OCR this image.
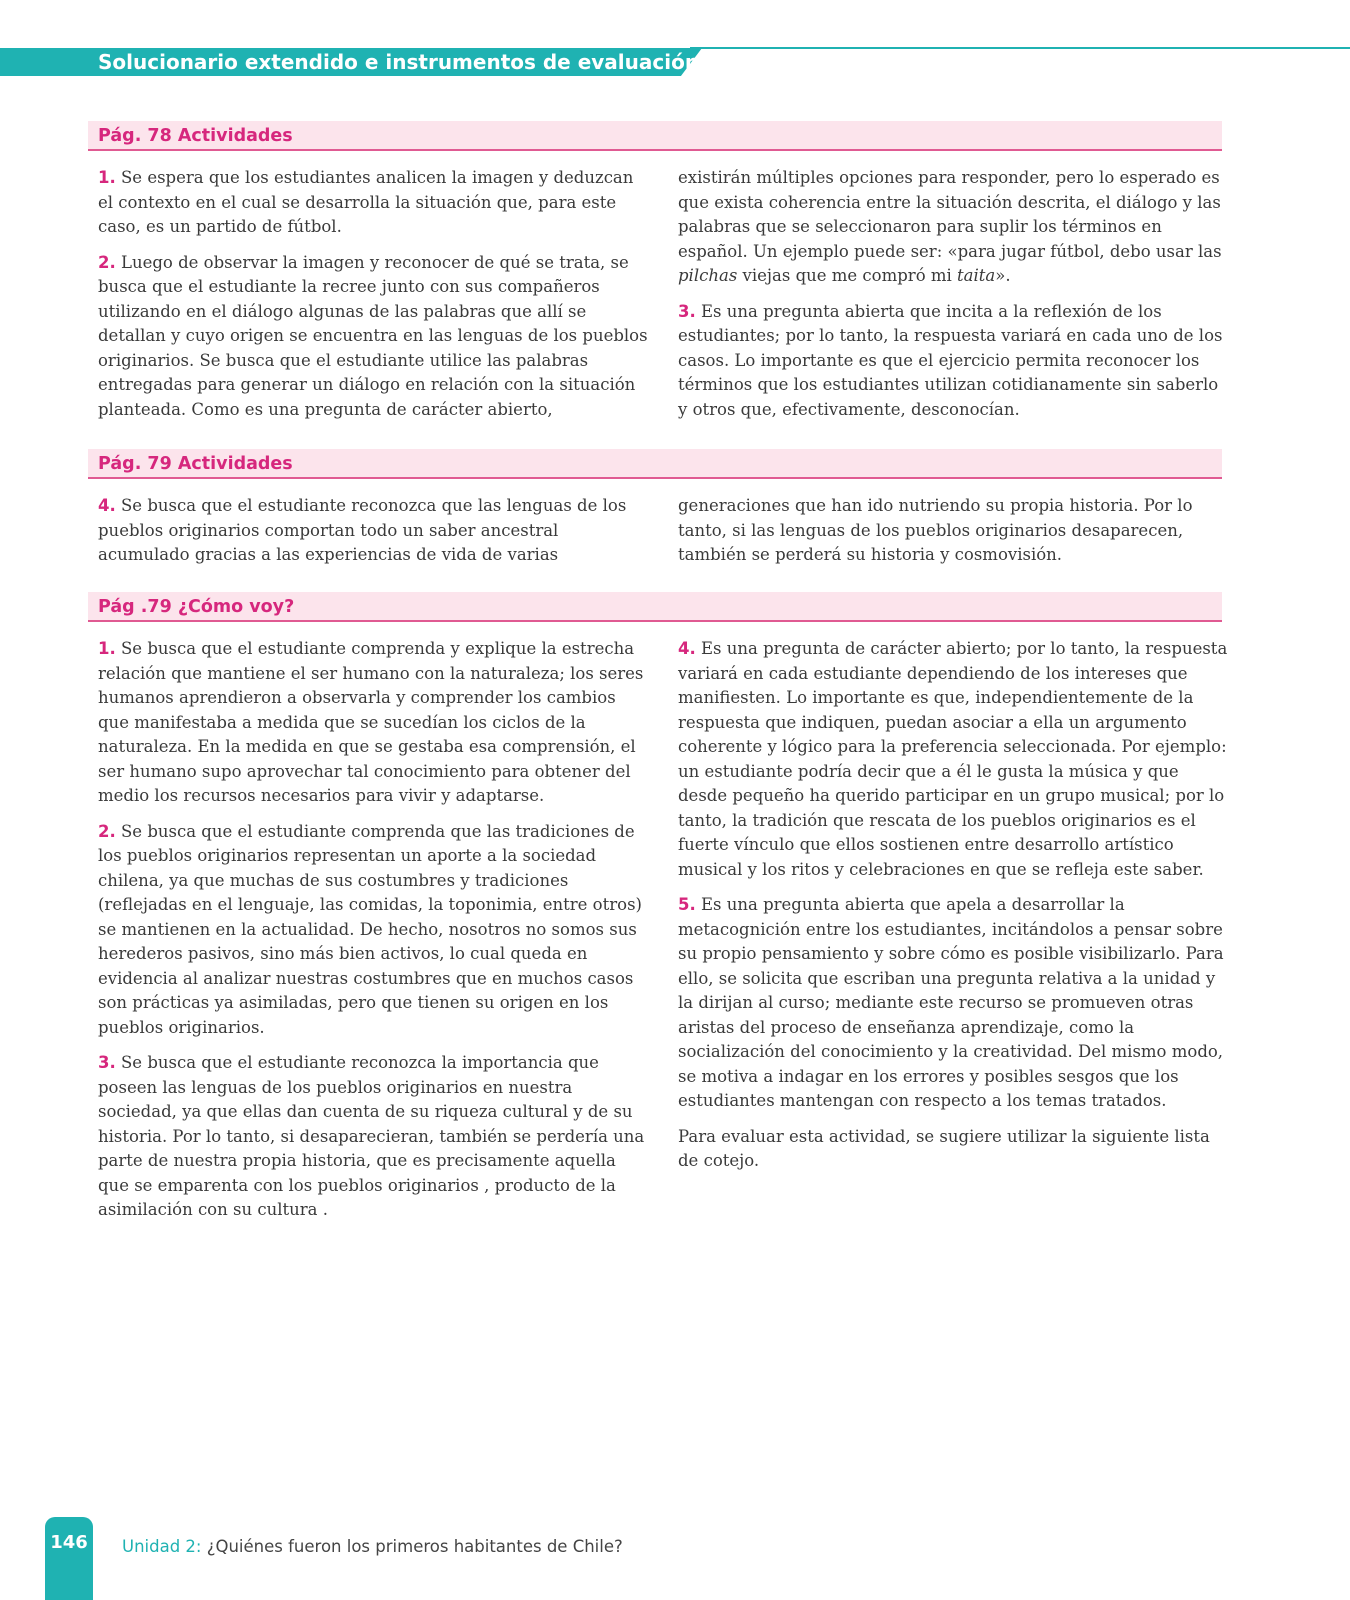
Solucionario extendido e instrumentos de evaluación
Pág. 78 Actividades

1. Se espera que los estudiantes analicen la imagen y deduzcan el contexto en el cual se desarrolla la situación que, para este caso, es un partido de fútbol.

2. Luego de observar la imagen y reconocer de qué se trata, se busca que el estudiante la recree junto con sus compañeros utilizando en el diálogo algunas de las palabras que allí se detallan y cuyo origen se encuentra en las lenguas de los pueblos originarios. Se busca que el estudiante utilice las palabras entregadas para generar un diálogo en relación con la situación planteada. Como es una pregunta de carácter abierto,

existirán múltiples opciones para responder, pero lo esperado es que exista coherencia entre la situación descrita, el diálogo y las palabras que se seleccionaron para suplir los términos en español. Un ejemplo puede ser: «para jugar fútbol, debo usar las pilchas viejas que me compró mi taita».

3. Es una pregunta abierta que incita a la reflexión de los estudiantes; por lo tanto, la respuesta variará en cada uno de los casos. Lo importante es que el ejercicio permita reconocer los términos que los estudiantes utilizan cotidianamente sin saberlo y otros que, efectivamente, desconocían.

Pág. 79 Actividades

4. Se busca que el estudiante reconozca que las lenguas de los pueblos originarios comportan todo un saber ancestral acumulado gracias a las experiencias de vida de varias

generaciones que han ido nutriendo su propia historia. Por lo tanto, si las lenguas de los pueblos originarios desaparecen, también se perderá su historia y cosmovisión.

Pág .79 ¿Cómo voy?

1. Se busca que el estudiante comprenda y explique la estrecha relación que mantiene el ser humano con la naturaleza; los seres humanos aprendieron a observarla y comprender los cambios que manifestaba a medida que se sucedían los ciclos de la naturaleza. En la medida en que se gestaba esa comprensión, el ser humano supo aprovechar tal conocimiento para obtener del medio los recursos necesarios para vivir y adaptarse.

2. Se busca que el estudiante comprenda que las tradiciones de los pueblos originarios representan un aporte a la sociedad chilena, ya que muchas de sus costumbres y tradiciones (reflejadas en el lenguaje, las comidas, la toponimia, entre otros) se mantienen en la actualidad. De hecho, nosotros no somos sus herederos pasivos, sino más bien activos, lo cual queda en evidencia al analizar nuestras costumbres que en muchos casos son prácticas ya asimiladas, pero que tienen su origen en los pueblos originarios.

3. Se busca que el estudiante reconozca la importancia que poseen las lenguas de los pueblos originarios en nuestra sociedad, ya que ellas dan cuenta de su riqueza cultural y de su historia. Por lo tanto, si desaparecieran, también se perdería una parte de nuestra propia historia, que es precisamente aquella que se emparenta con los pueblos originarios , producto de la asimilación con su cultura .

4. Es una pregunta de carácter abierto; por lo tanto, la respuesta variará en cada estudiante dependiendo de los intereses que manifiesten. Lo importante es que, independientemente de la respuesta que indiquen, puedan asociar a ella un argumento coherente y lógico para la preferencia seleccionada. Por ejemplo: un estudiante podría decir que a él le gusta la música y que desde pequeño ha querido participar en un grupo musical; por lo tanto, la tradición que rescata de los pueblos originarios es el fuerte vínculo que ellos sostienen entre desarrollo artístico musical y los ritos y celebraciones en que se refleja este saber.

5. Es una pregunta abierta que apela a desarrollar la metacognición entre los estudiantes, incitándolos a pensar sobre su propio pensamiento y sobre cómo es posible visibilizarlo. Para ello, se solicita que escriban una pregunta relativa a la unidad y la dirijan al curso; mediante este recurso se promueven otras aristas del proceso de enseñanza aprendizaje, como la socialización del conocimiento y la creatividad. Del mismo modo, se motiva a indagar en los errores y posibles sesgos que los estudiantes mantengan con respecto a los temas tratados.

Para evaluar esta actividad, se sugiere utilizar la siguiente lista de cotejo.

146	Unidad 2: ¿Quiénes fueron los primeros habitantes de Chile?
